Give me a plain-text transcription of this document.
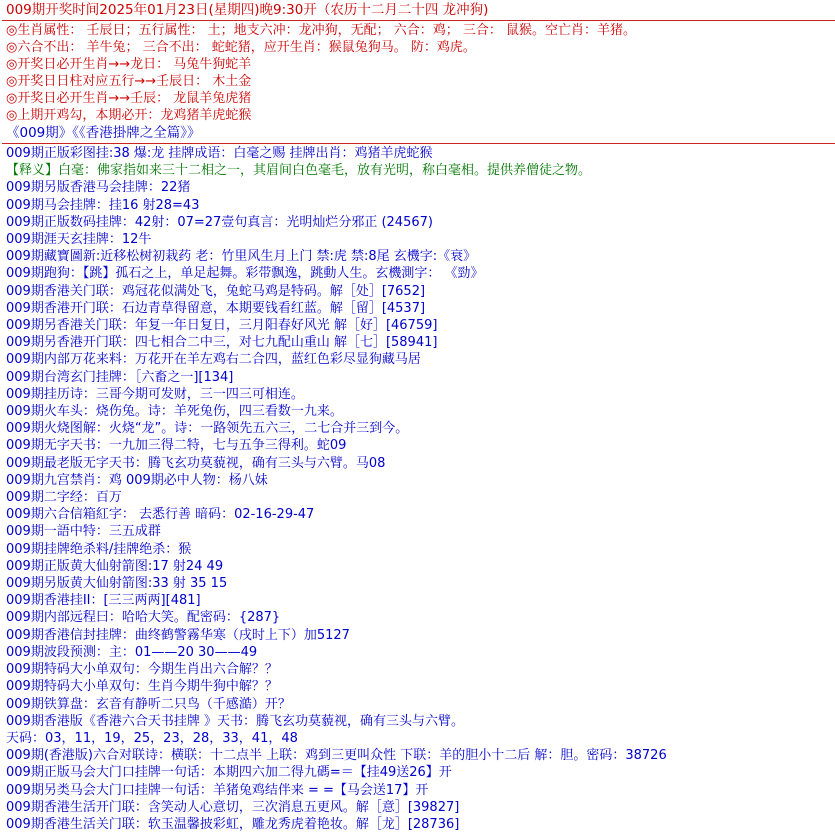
009期开奖时间2025年01月23日(星期四)晚9:30开（农历十二月二十四 龙冲狗)
◎生肖属性： 壬辰日；五行属性： 土；地支六冲：龙冲狗，无配； 六合：鸡； 三合： 鼠猴。空亡肖：羊猪。
◎六合不出： 羊牛兔； 三合不出： 蛇蛇猪，应开生肖：猴鼠兔狗马。 防：鸡虎。
◎开奖日必开生肖→→龙日： 马兔牛狗蛇羊
◎开奖日日柱对应五行→→壬辰日： 木土金
◎开奖日必开生肖→→壬辰： 龙鼠羊兔虎猪
◎上期开鸡勾，本期必开：龙鸡猪羊虎蛇猴
《009期》《《香港掛牌之全篇》》
009期正版彩图挂:38 爆:龙 挂牌成语：白毫之赐 挂牌出肖：鸡猪羊虎蛇猴
【释义】白毫：佛家指如来三十二相之一，其眉间白色毫毛，放有光明，称白毫相。提供养僧徒之物。
009期另版香港马会挂牌：22猪
009期马会挂牌：挂16 射28=43
009期正版数码挂牌：42射：07=27壹句真言：光明灿烂分邪正 (24567)
009期涯天玄挂牌：12牛
009期藏寶圖新:近移松树初栽药 老：竹里风生月上门 禁:虎 禁:8尾 玄機字:《衰》
009期跑狗：【跳】孤石之上，单足起舞。彩带飘逸，跳動人生。玄機測字： 《勁》
009期香港关门联：鸡冠花似满处飞，兔蛇马鸡是特码。解［处］[7652]
009期香港开门联：石边青草得留意，本期要钱看红蓝。解［留］[4537]
009期另香港关门联：年复一年日复日，三月阳春好风光 解［好］[46759]
009期另香港开门联：四七相合二中三，对七九配山重山 解［七］[58941]
009期内部万花来料：万花开在羊左鸡右二合四，蓝红色彩尽显狗藏马居
009期台湾玄门挂牌：［六畜之一][134]
009期挂历诗：三哥今期可发财，三一四三可相连。
009期火车头：烧伤兔。诗：羊死兔伤，四三看数一九来。
009期火烧图解：火烧“龙”。诗：一路领先五六三，二七合并三到今。
009期无字天书：一九加三得二特，七与五争三得利。蛇09
009期最老版无字天书：腾飞玄功莫藐视，确有三头与六臂。马08
009期九宫禁肖：鸡 009期必中人物：杨八妹
009期二字经：百万
009期六合信箱紅字： 去悉行善 暗码：02-16-29-47
009期一語中特：三五成群
009期挂牌绝杀料/挂牌绝杀：猴
009期正版黄大仙射箭图:17 射24 49
009期另版黄大仙射箭图:33 射 35 15
009期香港挂II：[三三两两][481]
009期内部远程曰：哈哈大笑。配密码：{287}
009期香港信封挂牌：曲终鹤警霧华寒（戌时上下）加5127
009期波段预测：主：01——20 30——49
009期特码大小单双句：今期生肖出六合解？？
009期特码大小单双句：生肖今期牛狗中解？？
009期铁算盘：玄音有静听二只鸟（千感澔）开？
009期香港版《香港六合天书挂牌 》天书：腾飞玄功莫藐视，确有三头与六臂。
天码：03，11，19，25，23，28，33，41，48
009期(香港版)六合对联诗：横联：十二点半 上联：鸡到三更叫众性 下联：羊的胆小十二后 解：胆。密码：38726
009期正版马会大门口挂牌一句话：本期四六加二得九碼=＝【挂49送26】开
009期另类马会大门口挂牌一句话：羊猪兔鸡结伴来 = =【马会送17】开
009期香港生活开门联：含笑动人心意切，三次消息五更风。解［意］[39827]
009期香港生活关门联：软玉温馨披彩虹，雕龙秀虎着艳妆。解［龙］[28736]
